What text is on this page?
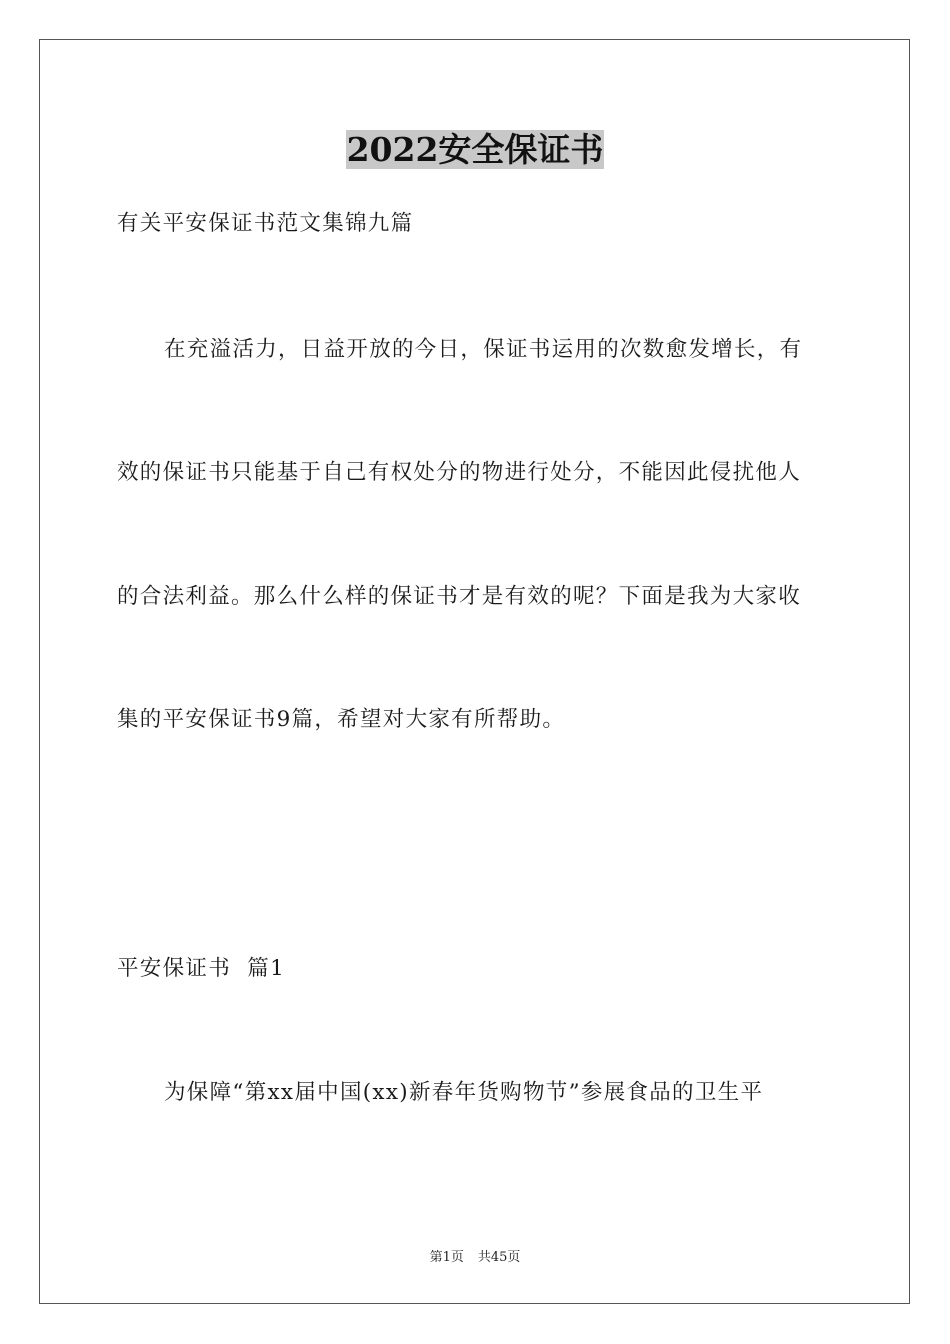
2022安全保证书
有关平安保证书范文集锦九篇
在充溢活力，日益开放的今日，保证书运用的次数愈发增长，有
效的保证书只能基于自己有权处分的物进行处分，不能因此侵扰他人
的合法利益。那么什么样的保证书才是有效的呢？下面是我为大家收
集的平安保证书9篇，希望对大家有所帮助。
平安保证书  篇1
为保障“第xx届中国(xx)新春年货购物节”参展食品的卫生平
第1页 共45页
